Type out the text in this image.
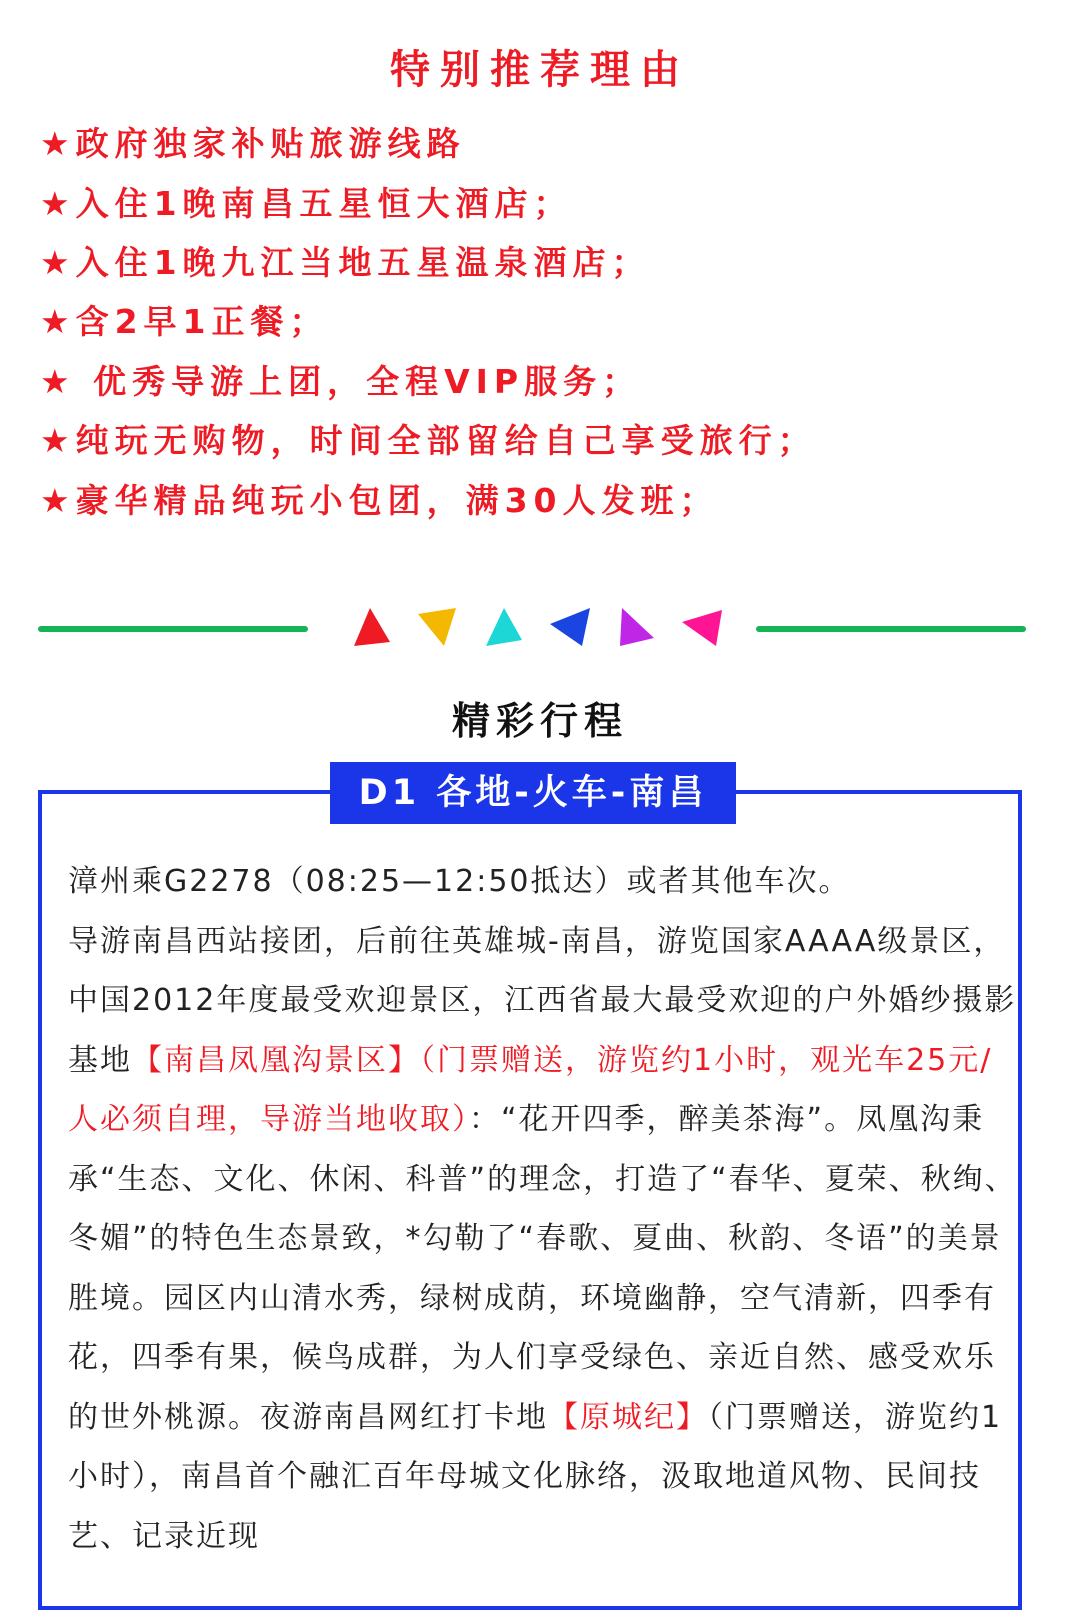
特别推荐理由
★政府独家补贴旅游线路
★入住1晚南昌五星恒大酒店；
★入住1晚九江当地五星温泉酒店；
★含2早1正餐；
★ 优秀导游上团，全程VIP服务；
★纯玩无购物，时间全部留给自己享受旅行；
★豪华精品纯玩小包团，满30人发班；
精彩行程
D1 各地-火车-南昌
漳州乘G2278（08:25—12:50抵达）或者其他车次。
导游南昌西站接团，后前往英雄城-南昌，游览国家AAAA级景区，中国2012年度最受欢迎景区，江西省最大最受欢迎的户外婚纱摄影基地【南昌凤凰沟景区】（门票赠送，游览约1小时，观光车25元/人必须自理，导游当地收取）：“花开四季，醉美茶海”。凤凰沟秉承“生态、文化、休闲、科普”的理念，打造了“春华、夏荣、秋绚、冬媚”的特色生态景致，*勾勒了“春歌、夏曲、秋韵、冬语”的美景胜境。园区内山清水秀，绿树成荫，环境幽静，空气清新，四季有花，四季有果，候鸟成群，为人们享受绿色、亲近自然、感受欢乐的世外桃源。夜游南昌网红打卡地【原城纪】（门票赠送，游览约1小时），南昌首个融汇百年母城文化脉络，汲取地道风物、民间技艺、记录近现
